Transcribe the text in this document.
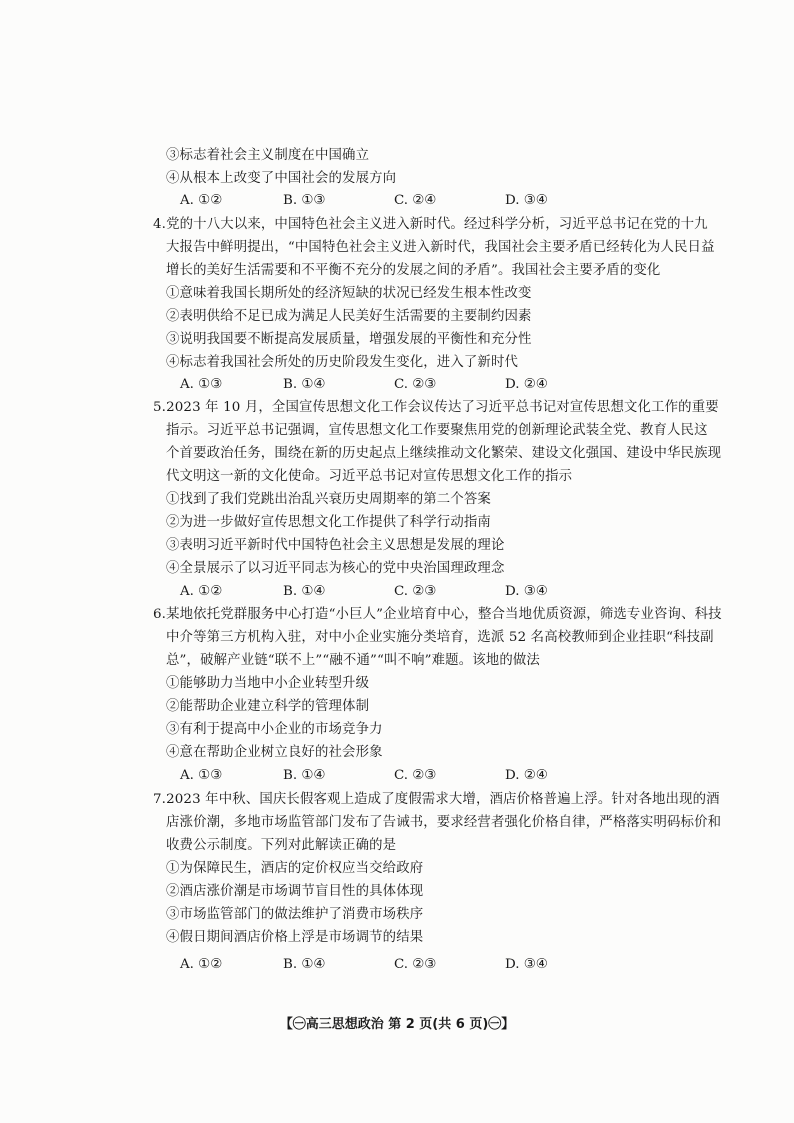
③标志着社会主义制度在中国确立
④从根本上改变了中国社会的发展方向
A. ①②	B. ①③	C. ②④	D. ③④
4.党的十八大以来，中国特色社会主义进入新时代。经过科学分析，习近平总书记在党的十九
大报告中鲜明提出，“中国特色社会主义进入新时代，我国社会主要矛盾已经转化为人民日益
增长的美好生活需要和不平衡不充分的发展之间的矛盾”。我国社会主要矛盾的变化
①意味着我国长期所处的经济短缺的状况已经发生根本性改变
②表明供给不足已成为满足人民美好生活需要的主要制约因素
③说明我国要不断提高发展质量，增强发展的平衡性和充分性
④标志着我国社会所处的历史阶段发生变化，进入了新时代
A. ①③	B. ①④	C. ②③	D. ②④
5.2023 年 10 月，全国宣传思想文化工作会议传达了习近平总书记对宣传思想文化工作的重要
指示。习近平总书记强调，宣传思想文化工作要聚焦用党的创新理论武装全党、教育人民这
个首要政治任务，围绕在新的历史起点上继续推动文化繁荣、建设文化强国、建设中华民族现
代文明这一新的文化使命。习近平总书记对宣传思想文化工作的指示
①找到了我们党跳出治乱兴衰历史周期率的第二个答案
②为进一步做好宣传思想文化工作提供了科学行动指南
③表明习近平新时代中国特色社会主义思想是发展的理论
④全景展示了以习近平同志为核心的党中央治国理政理念
A. ①②	B. ①④	C. ②③	D. ③④
6.某地依托党群服务中心打造“小巨人”企业培育中心，整合当地优质资源，筛选专业咨询、科技
中介等第三方机构入驻，对中小企业实施分类培育，选派 52 名高校教师到企业挂职“科技副
总”，破解产业链“联不上”“融不通”“叫不响”难题。该地的做法
①能够助力当地中小企业转型升级
②能帮助企业建立科学的管理体制
③有利于提高中小企业的市场竞争力
④意在帮助企业树立良好的社会形象
A. ①③	B. ①④	C. ②③	D. ②④
7.2023 年中秋、国庆长假客观上造成了度假需求大增，酒店价格普遍上浮。针对各地出现的酒
店涨价潮，多地市场监管部门发布了告诫书，要求经营者强化价格自律，严格落实明码标价和
收费公示制度。下列对此解读正确的是
①为保障民生，酒店的定价权应当交给政府
②酒店涨价潮是市场调节盲目性的具体体现
③市场监管部门的做法维护了消费市场秩序
④假日期间酒店价格上浮是市场调节的结果
A. ①②	B. ①④	C. ②③	D. ③④
【㊀高三思想政治 第 2 页(共 6 页)㊀】
